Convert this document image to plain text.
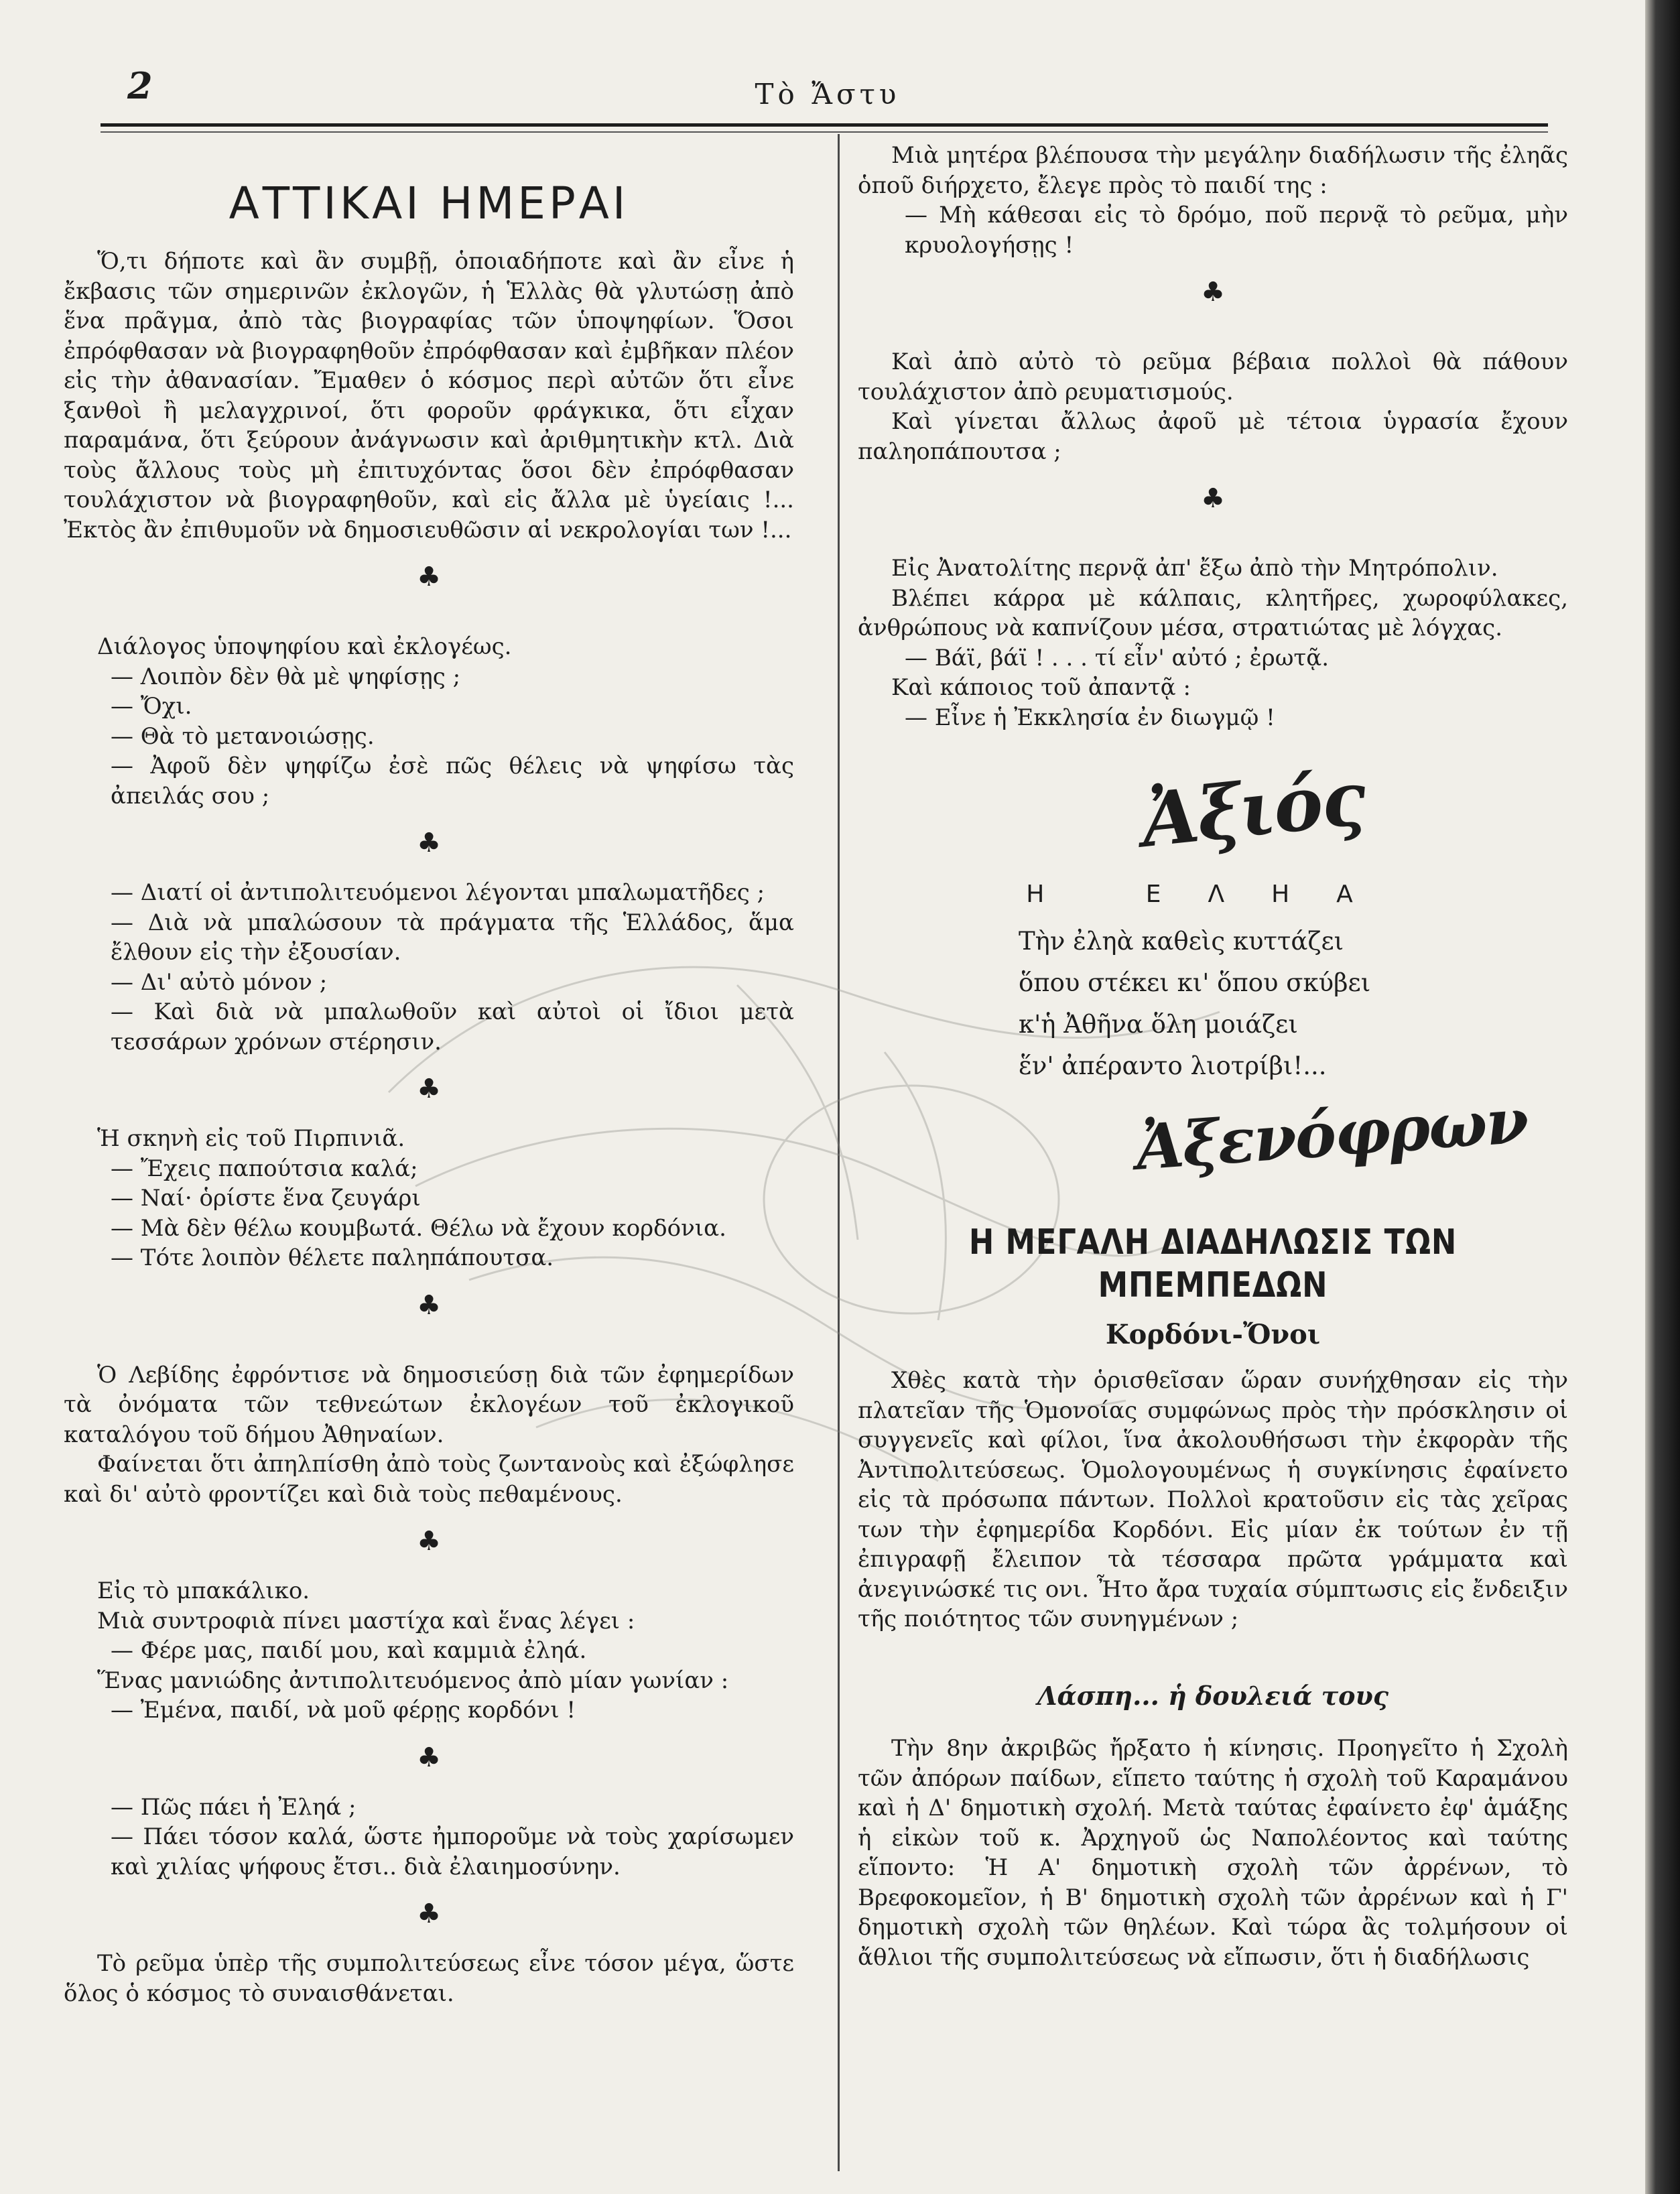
2	Τὸ Ἄστυ
ΑΤΤΙΚΑΙ ΗΜΕΡΑΙ

Ὅ,τι δήποτε καὶ ἂν συμβῇ, ὁποιαδήποτε καὶ ἂν εἶνε ἡ ἔκβασις τῶν σημερινῶν ἐκλογῶν, ἡ Ἑλλὰς θὰ γλυτώσῃ ἀπὸ ἕνα πρᾶγμα, ἀπὸ τὰς βιογραφίας τῶν ὑποψηφίων. Ὅσοι ἐπρόφθασαν νὰ βιογραφηθοῦν ἐπρόφθασαν καὶ ἐμβῆκαν πλέον εἰς τὴν ἀθανασίαν. Ἔμαθεν ὁ κόσμος περὶ αὐτῶν ὅτι εἶνε ξανθοὶ ἢ μελαγχρινοί, ὅτι φοροῦν φράγκικα, ὅτι εἶχαν παραμάνα, ὅτι ξεύρουν ἀνάγνωσιν καὶ ἀριθμητικὴν κτλ. Διὰ τοὺς ἄλλους τοὺς μὴ ἐπιτυχόντας ὅσοι δὲν ἐπρόφθασαν τουλάχιστον νὰ βιογραφηθοῦν, καὶ εἰς ἄλλα μὲ ὑγείαις !... Ἐκτὸς ἂν ἐπιθυμοῦν νὰ δημοσιευθῶσιν αἱ νεκρολογίαι των !...

♣

Διάλογος ὑποψηφίου καὶ ἐκλογέως.

— Λοιπὸν δὲν θὰ μὲ ψηφίσῃς ;

— Ὄχι.

— Θὰ τὸ μετανοιώσῃς.

— Ἀφοῦ δὲν ψηφίζω ἐσὲ πῶς θέλεις νὰ ψηφίσω τὰς ἀπειλάς σου ;

♣

— Διατί οἱ ἀντιπολιτευόμενοι λέγονται μπαλωματῆδες ;

— Διὰ νὰ μπαλώσουν τὰ πράγματα τῆς Ἑλλάδος, ἅμα ἔλθουν εἰς τὴν ἐξουσίαν.

— Δι' αὐτὸ μόνον ;

— Καὶ διὰ νὰ μπαλωθοῦν καὶ αὐτοὶ οἱ ἴδιοι μετὰ τεσσάρων χρόνων στέρησιν.

♣

Ἡ σκηνὴ εἰς τοῦ Πιρπινιᾶ.

— Ἔχεις παπούτσια καλά;

— Ναί· ὁρίστε ἕνα ζευγάρι

— Μὰ δὲν θέλω κουμβωτά. Θέλω νὰ ἔχουν κορδόνια.

— Τότε λοιπὸν θέλετε παληπάπουτσα.

♣

Ὁ Λεβίδης ἐφρόντισε νὰ δημοσιεύσῃ διὰ τῶν ἐφημερίδων τὰ ὀνόματα τῶν τεθνεώτων ἐκλογέων τοῦ ἐκλογικοῦ καταλόγου τοῦ δήμου Ἀθηναίων.

Φαίνεται ὅτι ἀπηλπίσθη ἀπὸ τοὺς ζωντανοὺς καὶ ἐξώφλησε καὶ δι' αὐτὸ φροντίζει καὶ διὰ τοὺς πεθαμένους.

♣

Εἰς τὸ μπακάλικο.

Μιὰ συντροφιὰ πίνει μαστίχα καὶ ἕνας λέγει :

— Φέρε μας, παιδί μου, καὶ καμμιὰ ἐληά.

Ἕνας μανιώδης ἀντιπολιτευόμενος ἀπὸ μίαν γωνίαν :

— Ἐμένα, παιδί, νὰ μοῦ φέρῃς κορδόνι !

♣

— Πῶς πάει ἡ Ἐληά ;

— Πάει τόσον καλά, ὥστε ἠμποροῦμε νὰ τοὺς χαρίσωμεν καὶ χιλίας ψήφους ἔτσι.. διὰ ἐλαιημοσύνην.

♣

Τὸ ρεῦμα ὑπὲρ τῆς συμπολιτεύσεως εἶνε τόσον μέγα, ὥστε ὅλος ὁ κόσμος τὸ συναισθάνεται.

Μιὰ μητέρα βλέπουσα τὴν μεγάλην διαδήλωσιν τῆς ἐληᾶς ὁποῦ διήρχετο, ἔλεγε πρὸς τὸ παιδί της :

— Μὴ κάθεσαι εἰς τὸ δρόμο, ποῦ περνᾷ τὸ ρεῦμα, μὴν κρυολογήσῃς !

♣

Καὶ ἀπὸ αὐτὸ τὸ ρεῦμα βέβαια πολλοὶ θὰ πάθουν τουλάχιστον ἀπὸ ρευματισμούς.

Καὶ γίνεται ἄλλως ἀφοῦ μὲ τέτοια ὑγρασία ἔχουν παληοπάπουτσα ;

♣

Εἰς Ἀνατολίτης περνᾷ ἀπ' ἔξω ἀπὸ τὴν Μητρόπολιν.

Βλέπει κάρρα μὲ κάλπαις, κλητῆρες, χωροφύλακες, ἀνθρώπους νὰ καπνίζουν μέσα, στρατιώτας μὲ λόγχας.

— Βάϊ, βάϊ ! . . . τί εἶν' αὐτό ; ἐρωτᾷ.

Καὶ κάποιος τοῦ ἀπαντᾷ :

— Εἶνε ἡ Ἐκκλησία ἐν διωγμῷ !

Ἀξιός
Η ΕΛΗΑ
Τὴν ἐληὰ καθεὶς κυττάζει
ὅπου στέκει κι' ὅπου σκύβει
κ'ἡ Ἀθῆνα ὅλη μοιάζει
ἕν' ἀπέραντο λιοτρίβι!...
Ἀξενόφρων
Η ΜΕΓΑΛΗ ΔΙΑΔΗΛΩΣΙΣ ΤΩΝ ΜΠΕΜΠΕΔΩΝ
Κορδόνι-Ὄνοι

Χθὲς κατὰ τὴν ὁρισθεῖσαν ὥραν συνήχθησαν εἰς τὴν πλατεῖαν τῆς Ὁμονοίας συμφώνως πρὸς τὴν πρόσκλησιν οἱ συγγενεῖς καὶ φίλοι, ἵνα ἀκολουθήσωσι τὴν ἐκφορὰν τῆς Ἀντιπολιτεύσεως. Ὁμολογουμένως ἡ συγκίνησις ἐφαίνετο εἰς τὰ πρόσωπα πάντων. Πολλοὶ κρατοῦσιν εἰς τὰς χεῖρας των τὴν ἐφημερίδα Κορδόνι. Εἰς μίαν ἐκ τούτων ἐν τῇ ἐπιγραφῇ ἔλειπον τὰ τέσσαρα πρῶτα γράμματα καὶ ἀνεγινώσκέ τις ονι. Ἦτο ἄρα τυχαία σύμπτωσις εἰς ἔνδειξιν τῆς ποιότητος τῶν συνηγμένων ;

Λάσπη... ἡ δουλειά τους

Τὴν 8ην ἀκριβῶς ἤρξατο ἡ κίνησις. Προηγεῖτο ἡ Σχολὴ τῶν ἀπόρων παίδων, εἵπετο ταύτης ἡ σχολὴ τοῦ Καραμάνου καὶ ἡ Δ' δημοτικὴ σχολή. Μετὰ ταύτας ἐφαίνετο ἐφ' ἁμάξης ἡ εἰκὼν τοῦ κ. Ἀρχηγοῦ ὡς Ναπολέοντος καὶ ταύτης εἵποντο: Ἡ Α' δημοτικὴ σχολὴ τῶν ἀρρένων, τὸ Βρεφοκομεῖον, ἡ Β' δημοτικὴ σχολὴ τῶν ἀρρένων καὶ ἡ Γ' δημοτικὴ σχολὴ τῶν θηλέων. Καὶ τώρα ἂς τολμήσουν οἱ ἄθλιοι τῆς συμπολιτεύσεως νὰ εἴπωσιν, ὅτι ἡ διαδήλωσις
